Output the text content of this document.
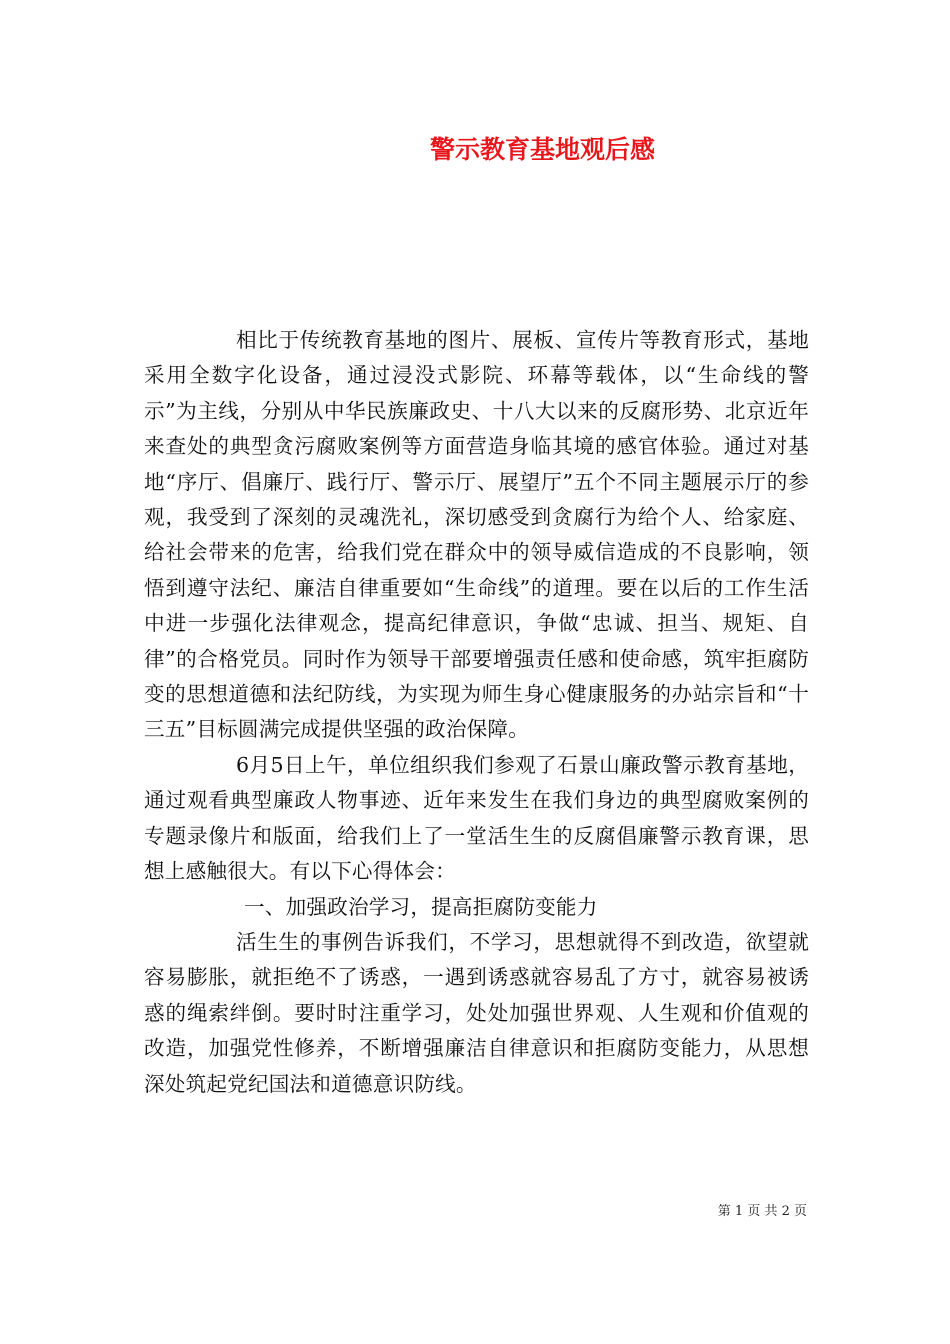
警示教育基地观后感

相比于传统教育基地的图片、展板、宣传片等教育形式，基地采用全数字化设备，通过浸没式影院、环幕等载体，以“生命线的警示”为主线，分别从中华民族廉政史、十八大以来的反腐形势、北京近年来查处的典型贪污腐败案例等方面营造身临其境的感官体验。通过对基地“序厅、倡廉厅、践行厅、警示厅、展望厅”五个不同主题展示厅的参观，我受到了深刻的灵魂洗礼，深切感受到贪腐行为给个人、给家庭、给社会带来的危害，给我们党在群众中的领导威信造成的不良影响，领悟到遵守法纪、廉洁自律重要如“生命线”的道理。要在以后的工作生活中进一步强化法律观念，提高纪律意识，争做“忠诚、担当、规矩、自律”的合格党员。同时作为领导干部要增强责任感和使命感，筑牢拒腐防变的思想道德和法纪防线，为实现为师生身心健康服务的办站宗旨和“十三五”目标圆满完成提供坚强的政治保障。

6月5日上午，单位组织我们参观了石景山廉政警示教育基地，通过观看典型廉政人物事迹、近年来发生在我们身边的典型腐败案例的专题录像片和版面，给我们上了一堂活生生的反腐倡廉警示教育课，思想上感触很大。有以下心得体会：

一、加强政治学习，提高拒腐防变能力

活生生的事例告诉我们，不学习，思想就得不到改造，欲望就容易膨胀，就拒绝不了诱惑，一遇到诱惑就容易乱了方寸，就容易被诱惑的绳索绊倒。要时时注重学习，处处加强世界观、人生观和价值观的改造，加强党性修养，不断增强廉洁自律意识和拒腐防变能力，从思想深处筑起党纪国法和道德意识防线。

第 1 页 共 2 页
